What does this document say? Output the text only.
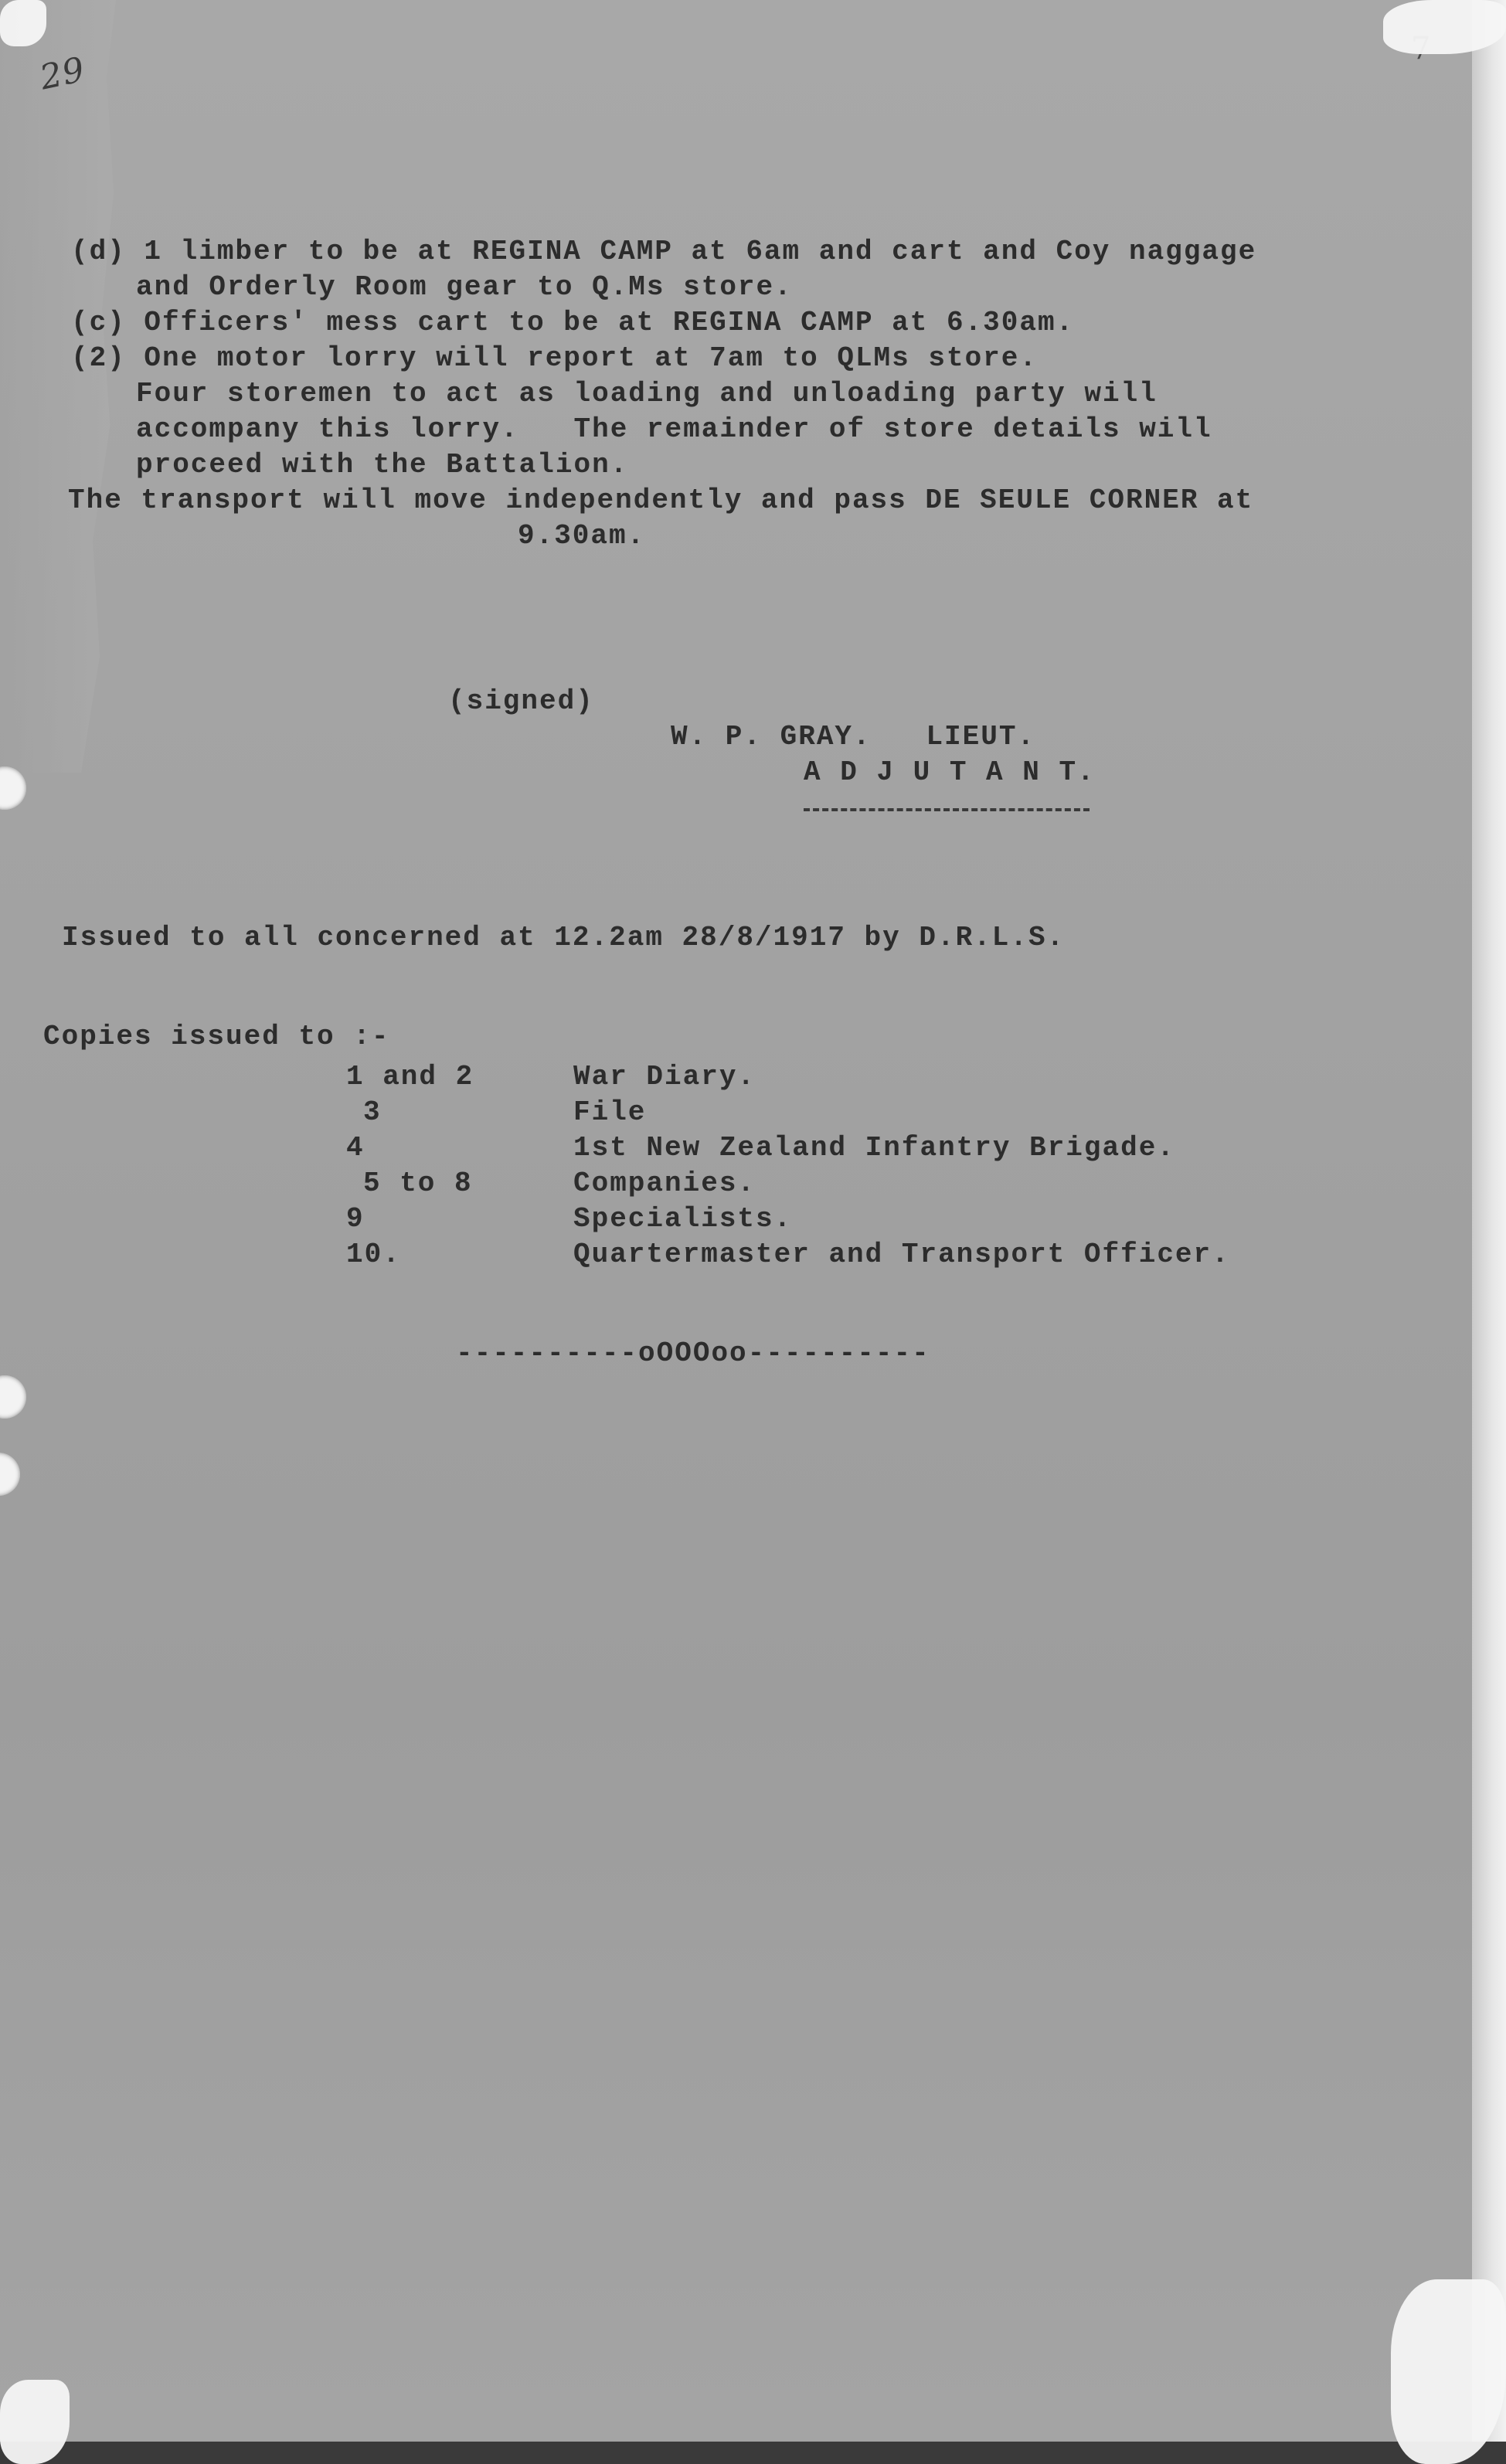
29
(d) 1 limber to be at REGINA CAMP at 6am and cart and Coy naggage
and Orderly Room gear to Q.Ms store.
(c) Officers' mess cart to be at REGINA CAMP at 6.30am.
(2) One motor lorry will report at 7am to QLMs store.
Four storemen to act as loading and unloading party will
accompany this lorry.   The remainder of store details will
proceed with the Battalion.
The transport will move independently and pass DE SEULE CORNER at
9.30am.
(signed)
W. P. GRAY.   LIEUT.
A D J U T A N T.
Issued to all concerned at 12.2am 28/8/1917 by D.R.L.S.
Copies issued to :-
1 and 2	War Diary.
3	File
4	1st New Zealand Infantry Brigade.
5 to 8	Companies.
9	Specialists.
10.	Quartermaster and Transport Officer.
----------oOOOoo----------
